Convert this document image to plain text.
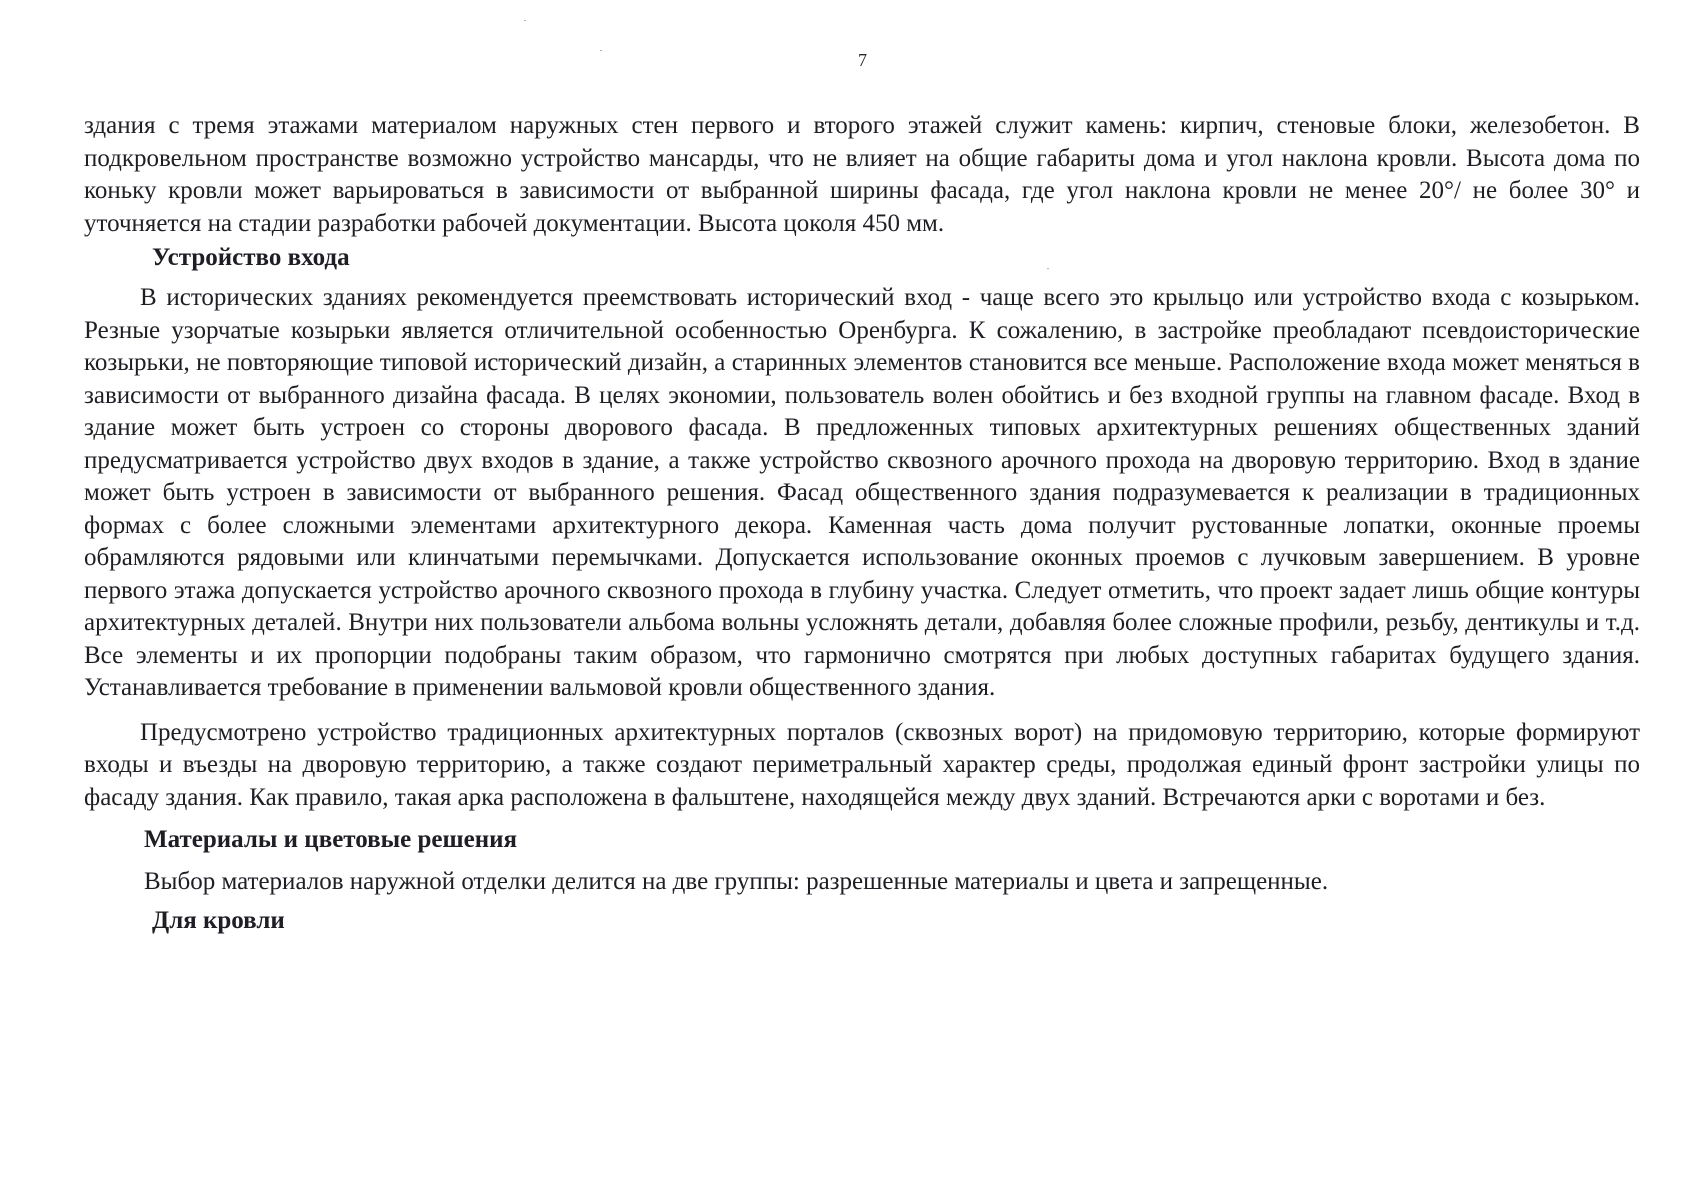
7

здания с тремя этажами материалом наружных стен первого и второго этажей служит камень: кирпич, стеновые блоки, железобетон. В подкровельном пространстве возможно устройство мансарды, что не влияет на общие габариты дома и угол наклона кровли. Высота дома по коньку кровли может варьироваться в зависимости от выбранной ширины фасада, где угол наклона кровли не менее 20°/ не более 30° и уточняется на стадии разработки рабочей документации. Высота цоколя 450 мм.

Устройство входа

В исторических зданиях рекомендуется преемствовать исторический вход - чаще всего это крыльцо или устройство входа с козырьком. Резные узорчатые козырьки является отличительной особенностью Оренбурга. К сожалению, в застройке преобладают псевдоисторические козырьки, не повторяющие типовой исторический дизайн, а старинных элементов становится все меньше. Расположение входа может меняться в зависимости от выбранного дизайна фасада. В целях экономии, пользователь волен обойтись и без входной группы на главном фасаде. Вход в здание может быть устроен со стороны дворового фасада. В предложенных типовых архитектурных решениях общественных зданий предусматривается устройство двух входов в здание, а также устройство сквозного арочного прохода на дворовую территорию. Вход в здание может быть устроен в зависимости от выбранного решения. Фасад общественного здания подразумевается к реализации в традиционных формах с более сложными элементами архитектурного декора. Каменная часть дома получит рустованные лопатки, оконные проемы обрамляются рядовыми или клинчатыми перемычками. Допускается использование оконных проемов с лучковым завершением. В уровне первого этажа допускается устройство арочного сквозного прохода в глубину участка. Следует отметить, что проект задает лишь общие контуры архитектурных деталей. Внутри них пользователи альбома вольны усложнять детали, добавляя более сложные профили, резьбу, дентикулы и т.д. Все элементы и их пропорции подобраны таким образом, что гармонично смотрятся при любых доступных габаритах будущего здания. Устанавливается требование в применении вальмовой кровли общественного здания.

Предусмотрено устройство традиционных архитектурных порталов (сквозных ворот) на придомовую территорию, которые формируют входы и въезды на дворовую территорию, а также создают периметральный характер среды, продолжая единый фронт застройки улицы по фасаду здания. Как правило, такая арка расположена в фальштене, находящейся между двух зданий. Встречаются арки с воротами и без.

Материалы и цветовые решения

Выбор материалов наружной отделки делится на две группы: разрешенные материалы и цвета и запрещенные.

Для кровли
